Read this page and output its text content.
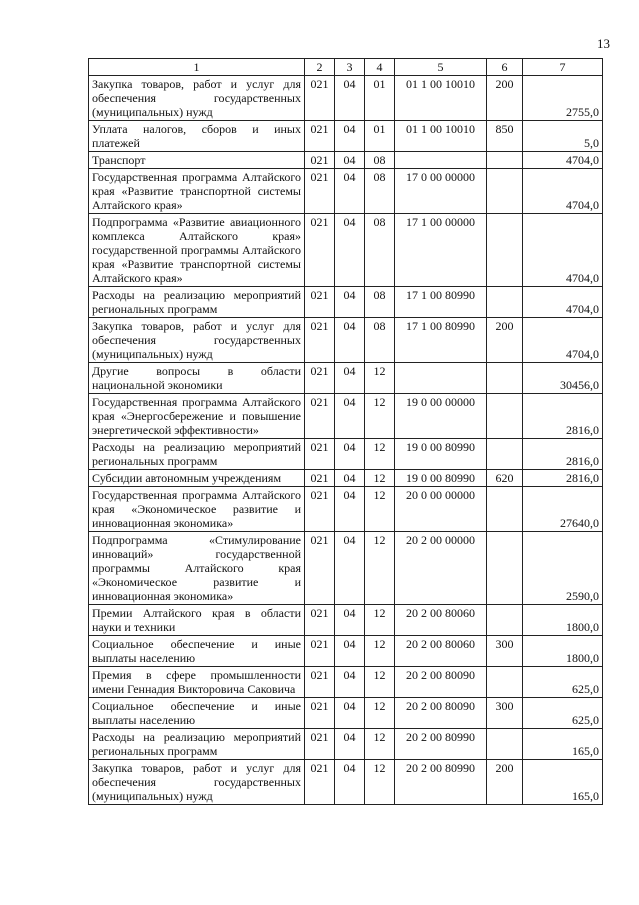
13
1	2	3	4	5	6	7
Закупка товаров, работ и услуг для обеспечения государственных (муниципальных) нужд	021	04	01	01 1 00 10010	200	2755,0
Уплата налогов, сборов и иных платежей	021	04	01	01 1 00 10010	850	5,0
Транспорт	021	04	08			4704,0
Государственная программа Алтайского края «Развитие транспортной системы Алтайского края»	021	04	08	17 0 00 00000		4704,0
Подпрограмма «Развитие авиационного комплекса Алтайского края» государственной программы Алтайского края «Развитие транспортной системы Алтайского края»	021	04	08	17 1 00 00000		4704,0
Расходы на реализацию мероприятий региональных программ	021	04	08	17 1 00 80990		4704,0
Закупка товаров, работ и услуг для обеспечения государственных (муниципальных) нужд	021	04	08	17 1 00 80990	200	4704,0
Другие вопросы в области национальной экономики	021	04	12			30456,0
Государственная программа Алтайского края «Энергосбережение и повышение энергетической эффективности»	021	04	12	19 0 00 00000		2816,0
Расходы на реализацию мероприятий региональных программ	021	04	12	19 0 00 80990		2816,0
Субсидии автономным учреждениям	021	04	12	19 0 00 80990	620	2816,0
Государственная программа Алтайского края «Экономическое развитие и инновационная экономика»	021	04	12	20 0 00 00000		27640,0
Подпрограмма «Стимулирование инноваций» государственной программы Алтайского края «Экономическое развитие и инновационная экономика»	021	04	12	20 2 00 00000		2590,0
Премии Алтайского края в области науки и техники	021	04	12	20 2 00 80060		1800,0
Социальное обеспечение и иные выплаты населению	021	04	12	20 2 00 80060	300	1800,0
Премия в сфере промышленности имени Геннадия Викторовича Саковича	021	04	12	20 2 00 80090		625,0
Социальное обеспечение и иные выплаты населению	021	04	12	20 2 00 80090	300	625,0
Расходы на реализацию мероприятий региональных программ	021	04	12	20 2 00 80990		165,0
Закупка товаров, работ и услуг для обеспечения государственных (муниципальных) нужд	021	04	12	20 2 00 80990	200	165,0
